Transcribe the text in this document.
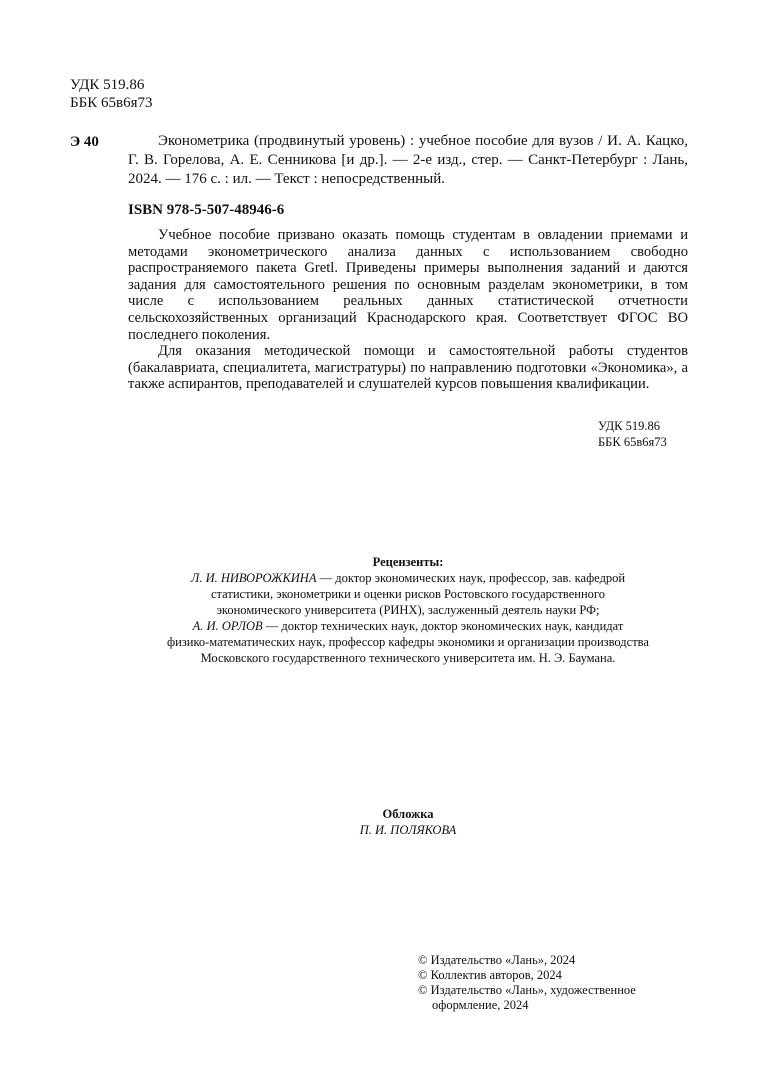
УДК 519.86
ББК 65в6я73
Э 40	Эконометрика (продвинутый уровень) : учебное пособие для вузов / И. А. Кацко, Г. В. Горелова, А. Е. Сенникова [и др.]. — 2-е изд., стер. — Санкт-Петербург : Лань, 2024. — 176 с. : ил. — Текст : непосредственный.
ISBN 978-5-507-48946-6

Учебное пособие призвано оказать помощь студентам в овладении приемами и методами эконометрического анализа данных с использованием свободно распространяемого пакета Gretl. Приведены примеры выполнения заданий и даются задания для самостоятельного решения по основным разделам эконометрики, в том числе с использованием реальных данных статистической отчетности сельскохозяйственных организаций Краснодарского края. Соответствует ФГОС ВО последнего поколения.

Для оказания методической помощи и самостоятельной работы студентов (бакалавриата, специалитета, магистратуры) по направлению подготовки «Экономика», а также аспирантов, преподавателей и слушателей курсов повышения квалификации.

УДК 519.86
ББК 65в6я73
Рецензенты:
Л. И. НИВОРОЖКИНА — доктор экономических наук, профессор, зав. кафедрой
статистики, эконометрики и оценки рисков Ростовского государственного
экономического университета (РИНХ), заслуженный деятель науки РФ;
А. И. ОРЛОВ — доктор технических наук, доктор экономических наук, кандидат
физико-математических наук, профессор кафедры экономики и организации производства
Московского государственного технического университета им. Н. Э. Баумана.
Обложка
П. И. ПОЛЯКОВА
© Издательство «Лань», 2024
© Коллектив авторов, 2024
© Издательство «Лань», художественное
оформление, 2024
